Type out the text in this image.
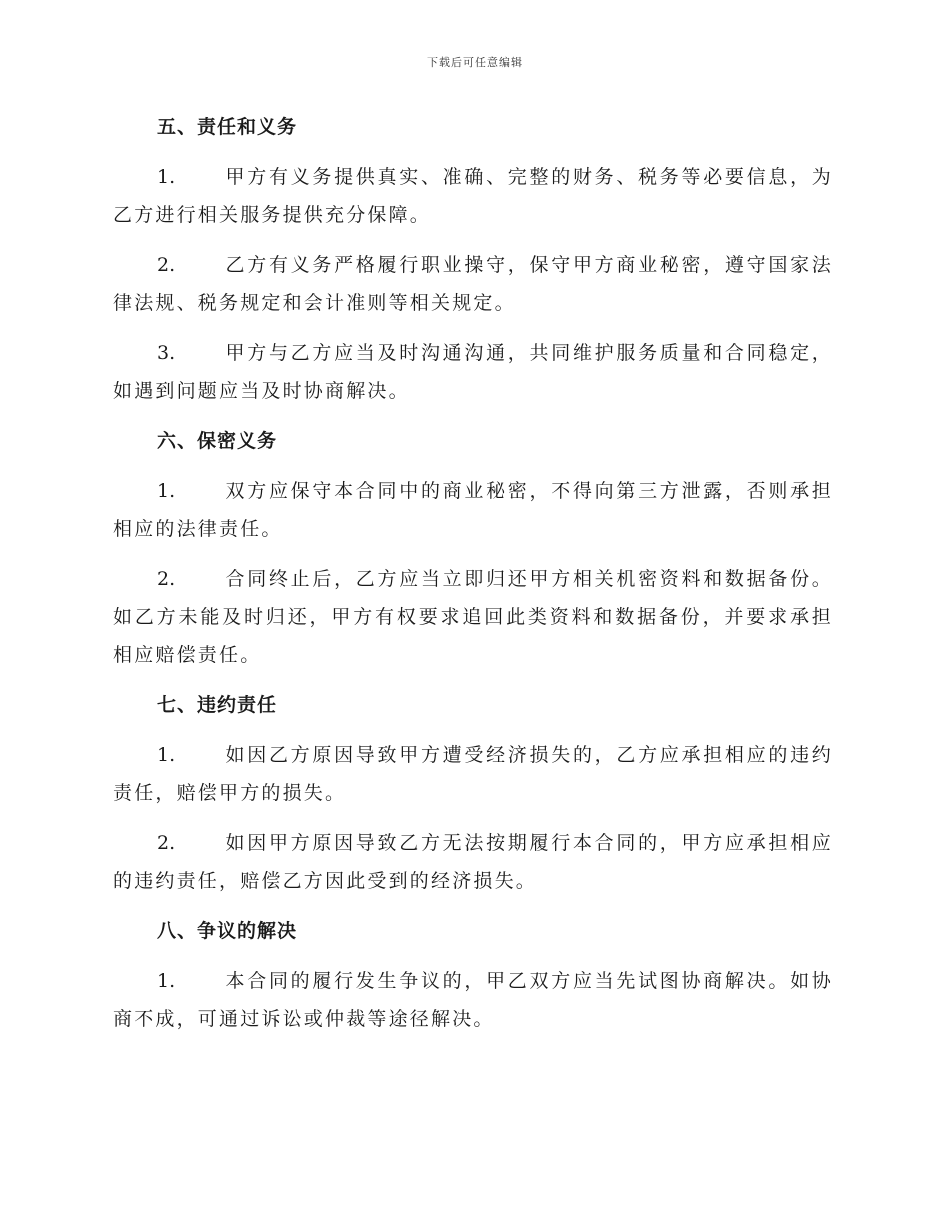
下载后可任意编辑
五、责任和义务

1.	甲方有义务提供真实、准确、完整的财务、税务等必要信息，为乙方进行相关服务提供充分保障。

2.	乙方有义务严格履行职业操守，保守甲方商业秘密，遵守国家法律法规、税务规定和会计准则等相关规定。

3.	甲方与乙方应当及时沟通沟通，共同维护服务质量和合同稳定，如遇到问题应当及时协商解决。

六、保密义务

1.	双方应保守本合同中的商业秘密，不得向第三方泄露，否则承担相应的法律责任。

2.	合同终止后，乙方应当立即归还甲方相关机密资料和数据备份。如乙方未能及时归还，甲方有权要求追回此类资料和数据备份，并要求承担相应赔偿责任。

七、违约责任

1.	如因乙方原因导致甲方遭受经济损失的，乙方应承担相应的违约责任，赔偿甲方的损失。

2.	如因甲方原因导致乙方无法按期履行本合同的，甲方应承担相应的违约责任，赔偿乙方因此受到的经济损失。

八、争议的解决

1.	本合同的履行发生争议的，甲乙双方应当先试图协商解决。如协商不成，可通过诉讼或仲裁等途径解决。
